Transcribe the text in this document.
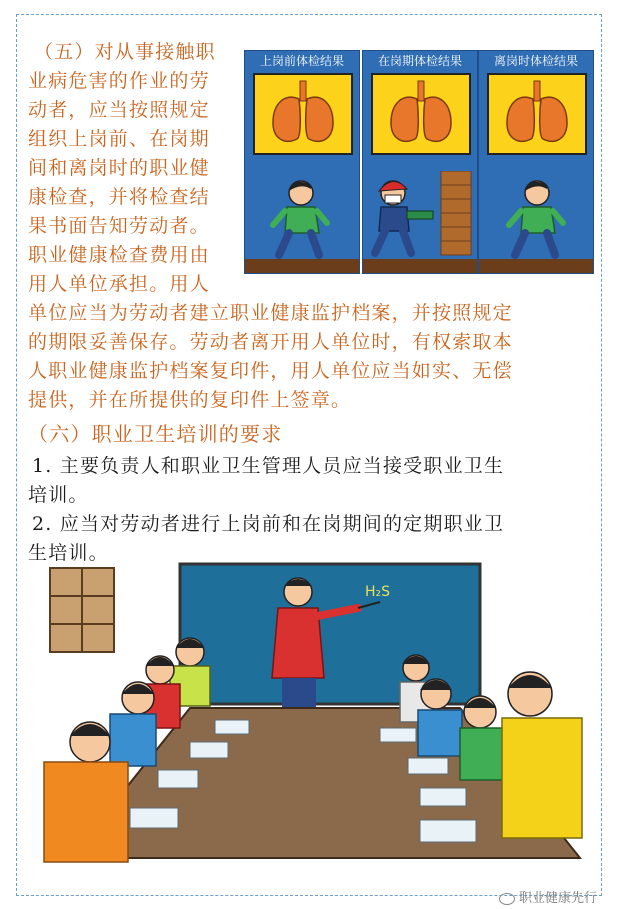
（五）对从事接触职

业病危害的作业的劳

动者，应当按照规定

组织上岗前、在岗期

间和离岗时的职业健

康检查，并将检查结

果书面告知劳动者。

职业健康检查费用由

用人单位承担。用人

上岗前体检结果	在岗期体检结果	离岗时体检结果

单位应当为劳动者建立职业健康监护档案，并按照规定

的期限妥善保存。劳动者离开用人单位时，有权索取本

人职业健康监护档案复印件，用人单位应当如实、无偿

提供，并在所提供的复印件上签章。

（六）职业卫生培训的要求

1. 主要负责人和职业卫生管理人员应当接受职业卫生

培训。

2. 应当对劳动者进行上岗前和在岗期间的定期职业卫

生培训。

H₂S
职业健康先行
